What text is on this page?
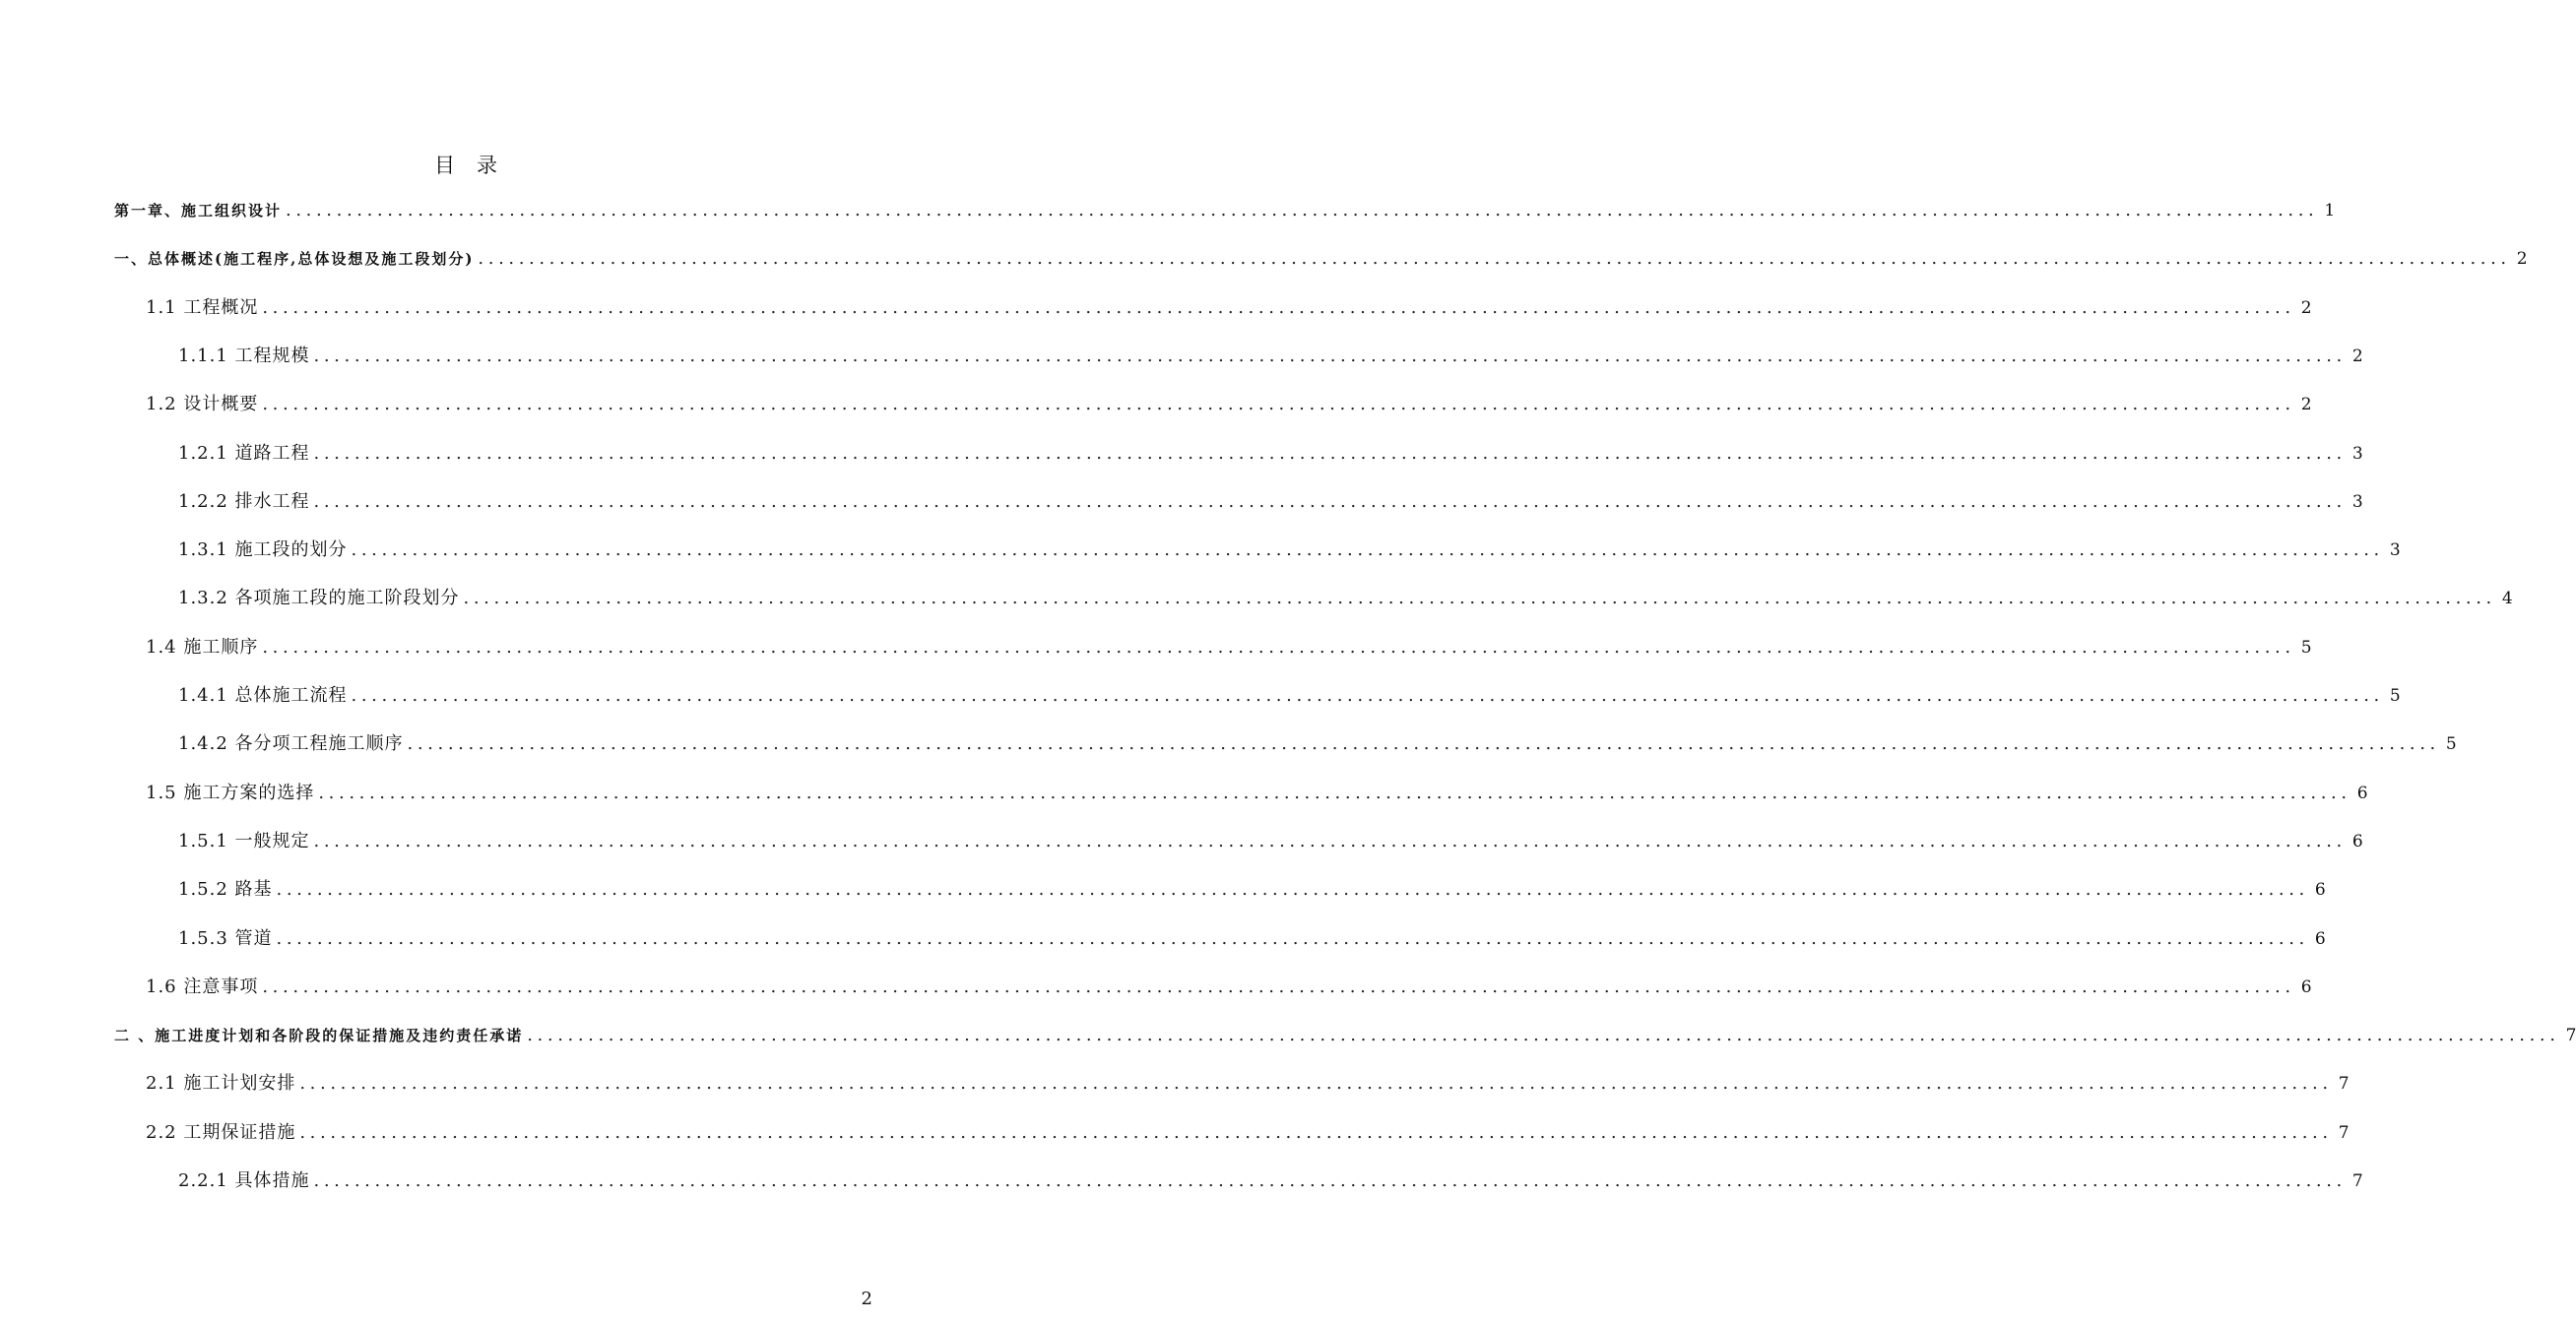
目录
第一章、施工组织设计 ........................................................................................................................................................................................................ 1
一、总体概述(施工程序,总体设想及施工段划分) ........................................................................................................................................................................................................ 2
1.1 工程概况 ........................................................................................................................................................................................................ 2
1.1.1 工程规模 ........................................................................................................................................................................................................ 2
1.2 设计概要 ........................................................................................................................................................................................................ 2
1.2.1 道路工程 ........................................................................................................................................................................................................ 3
1.2.2 排水工程 ........................................................................................................................................................................................................ 3
1.3.1 施工段的划分 ........................................................................................................................................................................................................ 3
1.3.2 各项施工段的施工阶段划分 ........................................................................................................................................................................................................ 4
1.4 施工顺序 ........................................................................................................................................................................................................ 5
1.4.1 总体施工流程 ........................................................................................................................................................................................................ 5
1.4.2 各分项工程施工顺序 ........................................................................................................................................................................................................ 5
1.5 施工方案的选择 ........................................................................................................................................................................................................ 6
1.5.1 一般规定 ........................................................................................................................................................................................................ 6
1.5.2 路基 ........................................................................................................................................................................................................ 6
1.5.3 管道 ........................................................................................................................................................................................................ 6
1.6 注意事项 ........................................................................................................................................................................................................ 6
二 、施工进度计划和各阶段的保证措施及违约责任承诺 ........................................................................................................................................................................................................ 7
2.1 施工计划安排 ........................................................................................................................................................................................................ 7
2.2 工期保证措施 ........................................................................................................................................................................................................ 7
2.2.1 具体措施 ........................................................................................................................................................................................................ 7
2
